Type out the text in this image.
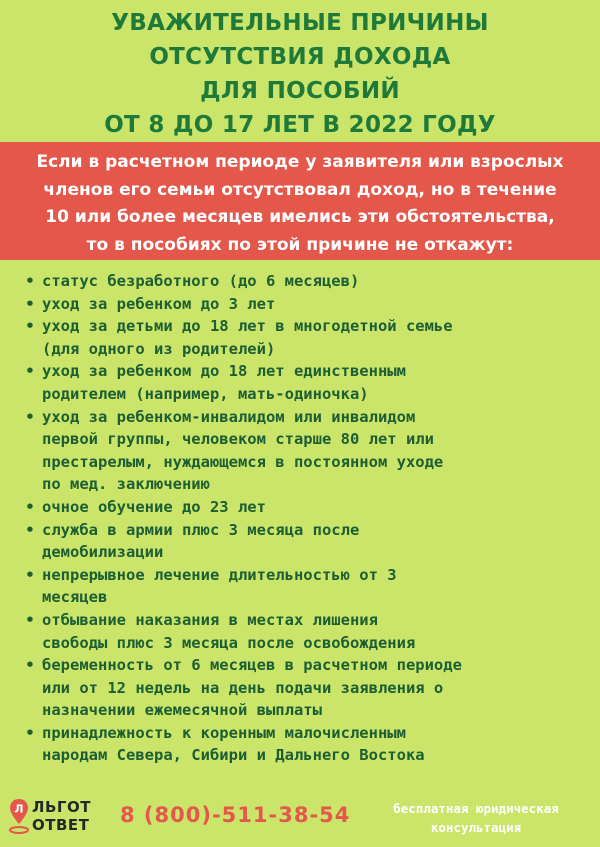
УВАЖИТЕЛЬНЫЕ ПРИЧИНЫ
ОТСУТСТВИЯ ДОХОДА
ДЛЯ ПОСОБИЙ
ОТ 8 ДО 17 ЛЕТ В 2022 ГОДУ
Если в расчетном периоде у заявителя или взрослых
членов его семьи отсутствовал доход, но в течение
10 или более месяцев имелись эти обстоятельства,
то в пособиях по этой причине не откажут:
• статус безработного (до 6 месяцев)
• уход за ребенком до 3 лет
• уход за детьми до 18 лет в многодетной семье
(для одного из родителей)
• уход за ребенком до 18 лет единственным
родителем (например, мать-одиночка)
• уход за ребенком-инвалидом или инвалидом
первой группы, человеком старше 80 лет или
престарелым, нуждающемся в постоянном уходе
по мед. заключению
• очное обучение до 23 лет
• служба в армии плюс 3 месяца после
демобилизации
• непрерывное лечение длительностью от 3
месяцев
• отбывание наказания в местах лишения
свободы плюс 3 месяца после освобождения
• беременность от 6 месяцев в расчетном периоде
или от 12 недель на день подачи заявления о
назначении ежемесячной выплаты
• принадлежность к коренным малочисленным
народам Севера, Сибири и Дальнего Востока
Л ЛЬГОТ
ОТВЕТ 8 (800)-511-38-54	бесплатная юридическая
консультация
